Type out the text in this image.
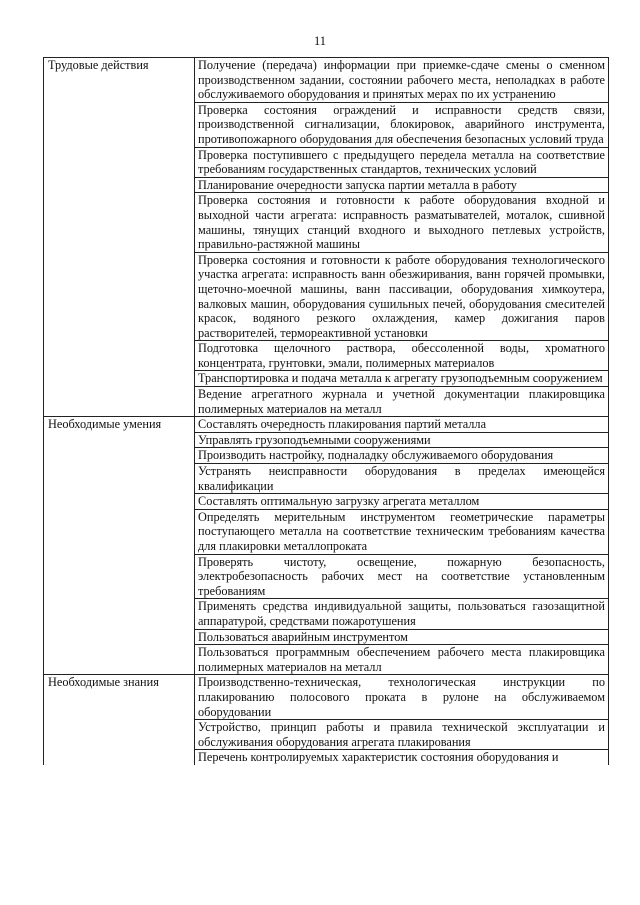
11
Трудовые действия	Получение (передача) информации при приемке-сдаче смены о сменном производственном задании, состоянии рабочего места, неполадках в работе обслуживаемого оборудования и принятых мерах по их устранению
	Проверка состояния ограждений и исправности средств связи, производственной сигнализации, блокировок, аварийного инструмента, противопожарного оборудования для обеспечения безопасных условий труда
	Проверка поступившего с предыдущего передела металла на соответствие требованиям государственных стандартов, технических условий
	Планирование очередности запуска партии металла в работу
	Проверка состояния и готовности к работе оборудования входной и выходной части агрегата: исправность разматывателей, моталок, сшивной машины, тянущих станций входного и выходного петлевых устройств, правильно-растяжной машины
	Проверка состояния и готовности к работе оборудования технологического участка агрегата: исправность ванн обезжиривания, ванн горячей промывки, щеточно-моечной машины, ванн пассивации, оборудования химкоутера, валковых машин, оборудования сушильных печей, оборудования смесителей красок, водяного резкого охлаждения, камер дожигания паров растворителей, термореактивной установки
	Подготовка щелочного раствора, обессоленной воды, хроматного концентрата, грунтовки, эмали, полимерных материалов
	Транспортировка и подача металла к агрегату грузоподъемным сооружением
	Ведение агрегатного журнала и учетной документации плакировщика полимерных материалов на металл
Необходимые умения	Составлять очередность плакирования партий металла
	Управлять грузоподъемными сооружениями
	Производить настройку, подналадку обслуживаемого оборудования
	Устранять неисправности оборудования в пределах имеющейся квалификации
	Составлять оптимальную загрузку агрегата металлом
	Определять мерительным инструментом геометрические параметры поступающего металла на соответствие техническим требованиям качества для плакировки металлопроката
	Проверять чистоту, освещение, пожарную безопасность, электробезопасность рабочих мест на соответствие установленным требованиям
	Применять средства индивидуальной защиты, пользоваться газозащитной аппаратурой, средствами пожаротушения
	Пользоваться аварийным инструментом
	Пользоваться программным обеспечением рабочего места плакировщика полимерных материалов на металл
Необходимые знания	Производственно-техническая, технологическая инструкции по плакированию полосового проката в рулоне на обслуживаемом оборудовании
	Устройство, принцип работы и правила технической эксплуатации и обслуживания оборудования агрегата плакирования
	Перечень контролируемых характеристик состояния оборудования и
